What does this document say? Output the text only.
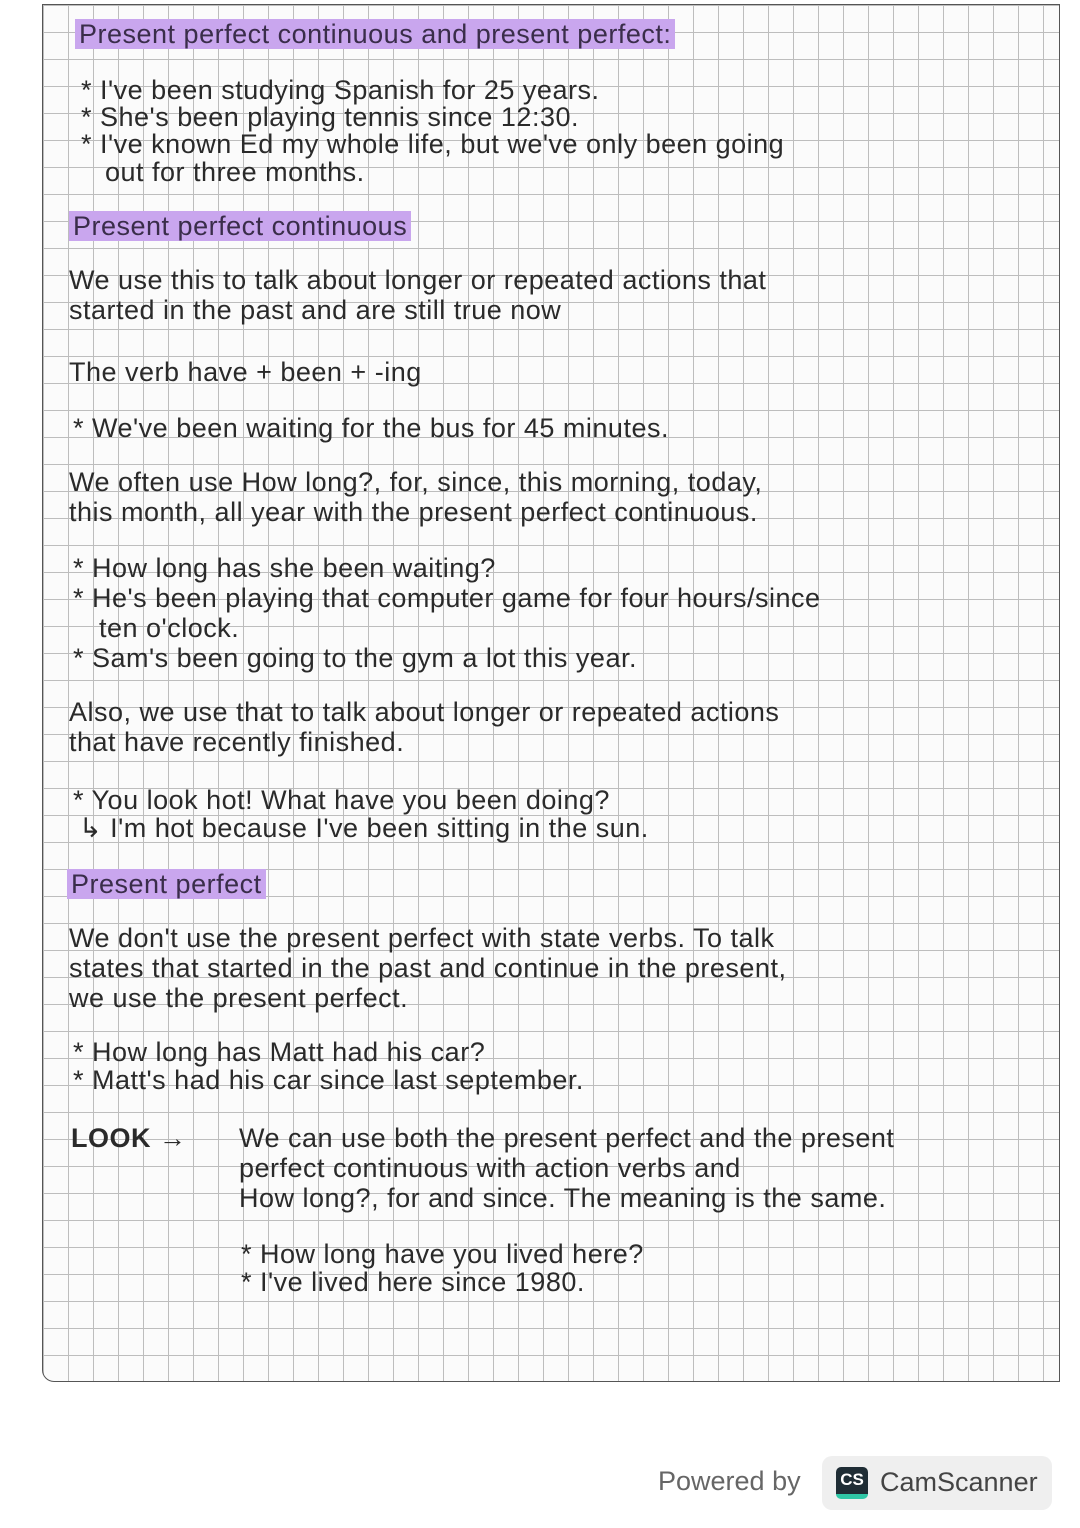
Present perfect continuous and present perfect:
* I've been studying Spanish for 25 years.
* She's been playing tennis since 12:30.
* I've known Ed my whole life, but we've only been going
out for three months.
Present perfect continuous
We use this to talk about longer or repeated actions that
started in the past and are still true now
The verb have + been + -ing
* We've been waiting for the bus for 45 minutes.
We often use How long?, for, since, this morning, today,
this month, all year with the present perfect continuous.
* How long has she been waiting?
* He's been playing that computer game for four hours/since
ten o'clock.
* Sam's been going to the gym a lot this year.
Also, we use that to talk about longer or repeated actions
that have recently finished.
* You look hot! What have you been doing?
↳ I'm hot because I've been sitting in the sun.
Present perfect
We don't use the present perfect with state verbs. To talk
states that started in the past and continue in the present,
we use the present perfect.
* How long has Matt had his car?
* Matt's had his car since last september.
LOOK → We can use both the present perfect and the present
perfect continuous with action verbs and
How long?, for and since. The meaning is the same.
* How long have you lived here?
* I've lived here since 1980.
Powered by CS CamScanner
